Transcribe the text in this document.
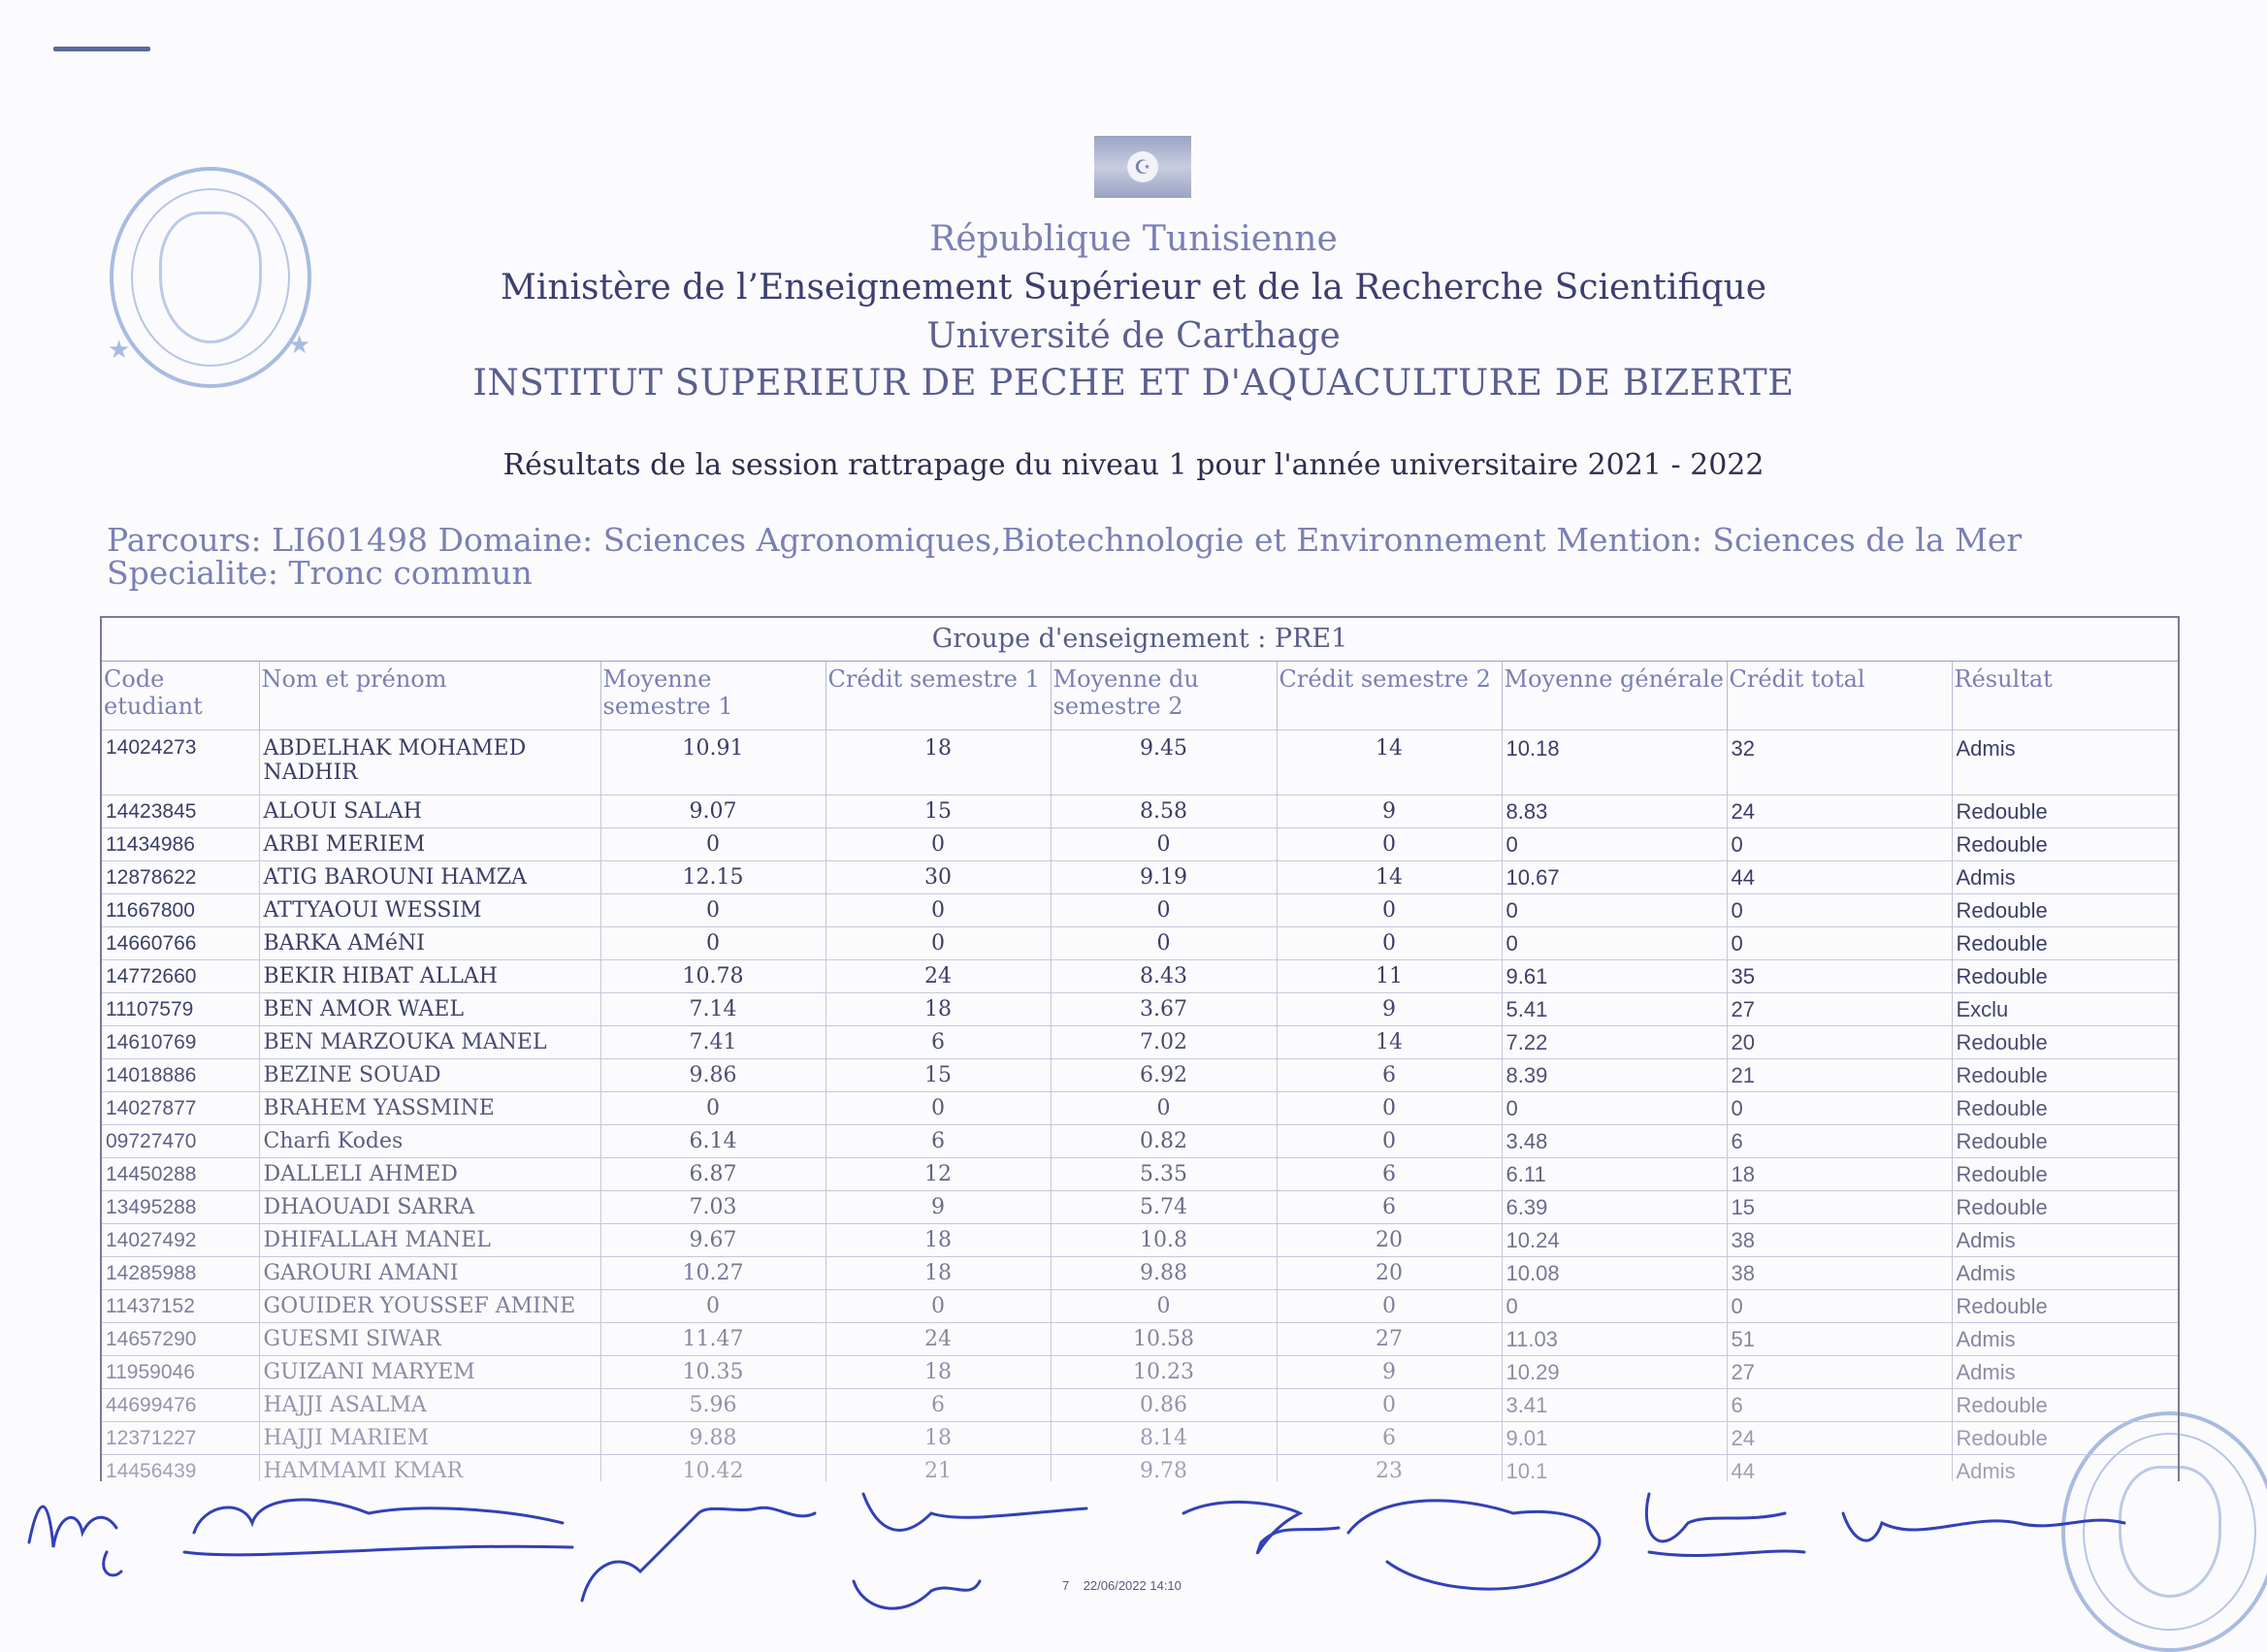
★	★
☪
République Tunisienne
Ministère de l’Enseignement Supérieur et de la Recherche Scientifique
Université de Carthage
INSTITUT SUPERIEUR DE PECHE ET D'AQUACULTURE DE BIZERTE
Résultats de la session rattrapage du niveau 1 pour l'année universitaire 2021 - 2022
Parcours: LI601498 Domaine: Sciences Agronomiques,Biotechnologie et Environnement Mention: Sciences de la Mer Specialite: Tronc commun
Groupe d'enseignement : PRE1
Code etudiant	Nom et prénom	Moyenne semestre 1	Crédit semestre 1	Moyenne du semestre 2	Crédit semestre 2	Moyenne générale	Crédit total	Résultat
14024273	ABDELHAK MOHAMED NADHIR	10.91	18	9.45	14	10.18	32	Admis
14423845	ALOUI SALAH	9.07	15	8.58	9	8.83	24	Redouble
11434986	ARBI MERIEM	0	0	0	0	0	0	Redouble
12878622	ATIG BAROUNI HAMZA	12.15	30	9.19	14	10.67	44	Admis
11667800	ATTYAOUI WESSIM	0	0	0	0	0	0	Redouble
14660766	BARKA AMéNI	0	0	0	0	0	0	Redouble
14772660	BEKIR HIBAT ALLAH	10.78	24	8.43	11	9.61	35	Redouble
11107579	BEN AMOR WAEL	7.14	18	3.67	9	5.41	27	Exclu
14610769	BEN MARZOUKA MANEL	7.41	6	7.02	14	7.22	20	Redouble
14018886	BEZINE SOUAD	9.86	15	6.92	6	8.39	21	Redouble
14027877	BRAHEM YASSMINE	0	0	0	0	0	0	Redouble
09727470	Charfi Kodes	6.14	6	0.82	0	3.48	6	Redouble
14450288	DALLELI AHMED	6.87	12	5.35	6	6.11	18	Redouble
13495288	DHAOUADI SARRA	7.03	9	5.74	6	6.39	15	Redouble
14027492	DHIFALLAH MANEL	9.67	18	10.8	20	10.24	38	Admis
14285988	GAROURI AMANI	10.27	18	9.88	20	10.08	38	Admis
11437152	GOUIDER YOUSSEF AMINE	0	0	0	0	0	0	Redouble
14657290	GUESMI SIWAR	11.47	24	10.58	27	11.03	51	Admis
11959046	GUIZANI MARYEM	10.35	18	10.23	9	10.29	27	Admis
44699476	HAJJI ASALMA	5.96	6	0.86	0	3.41	6	Redouble
12371227	HAJJI MARIEM	9.88	18	8.14	6	9.01	24	Redouble
14456439	HAMMAMI KMAR	10.42	21	9.78	23	10.1	44	Admis
7 22/06/2022 14:10
